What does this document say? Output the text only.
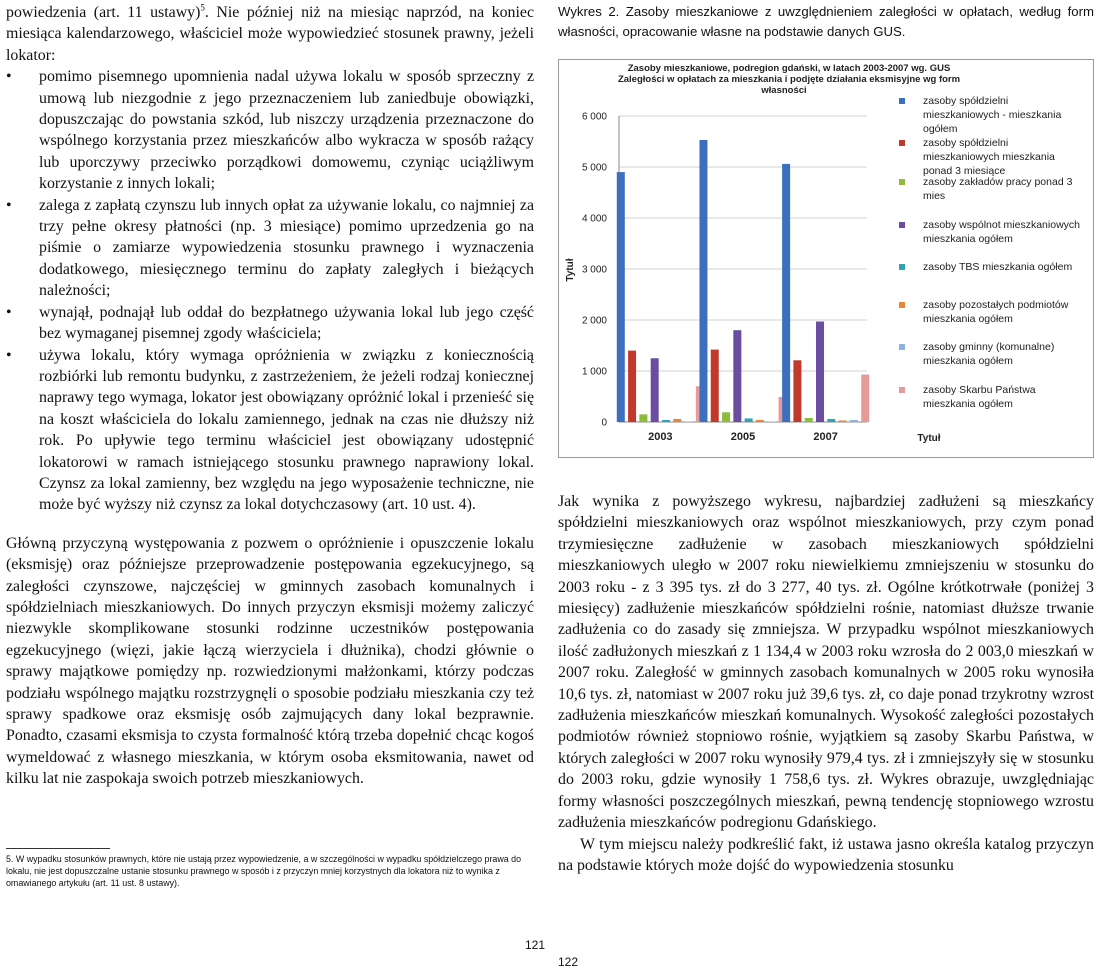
powiedzenia (art. 11 ustawy)$^5$. Nie później niż na miesiąc naprzód, na koniec miesiąca kalendarzowego, właściciel może wypowiedzieć stosunek prawny, jeżeli lokator:

• pomimo pisemnego upomnienia nadal używa lokalu w sposób sprzeczny z umową lub niezgodnie z jego przeznaczeniem lub zaniedbuje obowiązki, dopuszczając do powstania szkód, lub niszczy urządzenia przeznaczone do wspólnego korzystania przez mieszkańców albo wykracza w sposób rażący lub uporczywy przeciwko porządkowi domowemu, czyniąc uciążliwym korzystanie z innych lokali;
• zalega z zapłatą czynszu lub innych opłat za używanie lokalu, co najmniej za trzy pełne okresy płatności (np. 3 miesiące) pomimo uprzedzenia go na piśmie o zamiarze wypowiedzenia stosunku prawnego i wyznaczenia dodatkowego, miesięcznego terminu do zapłaty zaległych i bieżących należności;
• wynajął, podnajął lub oddał do bezpłatnego używania lokal lub jego część bez wymaganej pisemnej zgody właściciela;
• używa lokalu, który wymaga opróżnienia w związku z koniecznością rozbiórki lub remontu budynku, z zastrzeżeniem, że jeżeli rodzaj koniecznej naprawy tego wymaga, lokator jest obowiązany opróżnić lokal i przenieść się na koszt właściciela do lokalu zamiennego, jednak na czas nie dłuższy niż rok. Po upływie tego terminu właściciel jest obowiązany udostępnić lokatorowi w ramach istniejącego stosunku prawnego naprawiony lokal. Czynsz za lokal zamienny, bez względu na jego wyposażenie techniczne, nie może być wyższy niż czynsz za lokal dotychczasowy (art. 10 ust. 4).

Główną przyczyną występowania z pozwem o opróżnienie i opuszczenie lokalu (eksmisję) oraz późniejsze przeprowadzenie postępowania egzekucyjnego, są zaległości czynszowe, najczęściej w gminnych zasobach komunalnych i spółdzielniach mieszkaniowych. Do innych przyczyn eksmisji możemy zaliczyć niezwykle skomplikowane stosunki rodzinne uczestników postępowania egzekucyjnego (więzi, jakie łączą wierzyciela i dłużnika), chodzi głównie o sprawy majątkowe pomiędzy np. rozwiedzionymi małżonkami, którzy podczas podziału wspólnego majątku rozstrzygnęli o sposobie podziału mieszkania czy też sprawy spadkowe oraz eksmisję osób zajmujących dany lokal bezprawnie. Ponadto, czasami eksmisja to czysta formalność którą trzeba dopełnić chcąc kogoś wymeldować z własnego mieszkania, w którym osoba eksmitowania, nawet od kilku lat nie zaspokaja swoich potrzeb mieszkaniowych.

5. W wypadku stosunków prawnych, które nie ustają przez wypowiedzenie, a w szczególności w wypadku spółdzielczego prawa do lokalu, nie jest dopuszczalne ustanie stosunku prawnego w sposób i z przyczyn mniej korzystnych dla lokatora niż to wynika z omawianego artykułu (art. 11 ust. 8 ustawy).
121

Wykres 2. Zasoby mieszkaniowe z uwzględnieniem zaległości w opłatach, według form własności, opracowanie własne na podstawie danych GUS.

Zasoby mieszkaniowe, podregion gdański, w latach 2003-2007 wg. GUS
Zaległości w opłatach za mieszkania i podjęte działania eksmisyjne wg form
własności
0
1 000
2 000
3 000
4 000
5 000
6 000
Tytuł
2003	2005	2007	Tytuł
zasoby spółdzielni
mieszkaniowych - mieszkania
ogółem
zasoby spółdzielni
mieszkaniowych mieszkania
ponad 3 miesiące
zasoby zakładów pracy ponad 3
mies
zasoby wspólnot mieszkaniowych
mieszkania ogółem
zasoby TBS mieszkania ogółem
zasoby pozostałych podmiotów
mieszkania ogółem
zasoby gminny (komunalne)
mieszkania ogółem
zasoby Skarbu Państwa
mieszkania ogółem

Jak wynika z powyższego wykresu, najbardziej zadłużeni są mieszkańcy spółdzielni mieszkaniowych oraz wspólnot mieszkaniowych, przy czym ponad trzymiesięczne zadłużenie w zasobach mieszkaniowych spółdzielni mieszkaniowych uległo w 2007 roku niewielkiemu zmniejszeniu w stosunku do 2003 roku - z 3 395 tys. zł do 3 277, 40 tys. zł. Ogólne krótkotrwałe (poniżej 3 miesięcy) zadłużenie mieszkańców spółdzielni rośnie, natomiast dłuższe trwanie zadłużenia co do zasady się zmniejsza. W przypadku wspólnot mieszkaniowych ilość zadłużonych mieszkań z 1 134,4 w 2003 roku wzrosła do 2 003,0 mieszkań w 2007 roku. Zaległość w gminnych zasobach komunalnych w 2005 roku wynosiła 10,6 tys. zł, natomiast w 2007 roku już 39,6 tys. zł, co daje ponad trzykrotny wzrost zadłużenia mieszkańców mieszkań komunalnych. Wysokość zaległości pozostałych podmiotów również stopniowo rośnie, wyjątkiem są zasoby Skarbu Państwa, w których zaległości w 2007 roku wynosiły 979,4 tys. zł i zmniejszyły się w stosunku do 2003 roku, gdzie wynosiły 1 758,6 tys. zł. Wykres obrazuje, uwzględniając formy własności poszczególnych mieszkań, pewną tendencję stopniowego wzrostu zadłużenia mieszkańców podregionu Gdańskiego.

W tym miejscu należy podkreślić fakt, iż ustawa jasno określa katalog przyczyn na podstawie których może dojść do wypowiedzenia stosunku

122
